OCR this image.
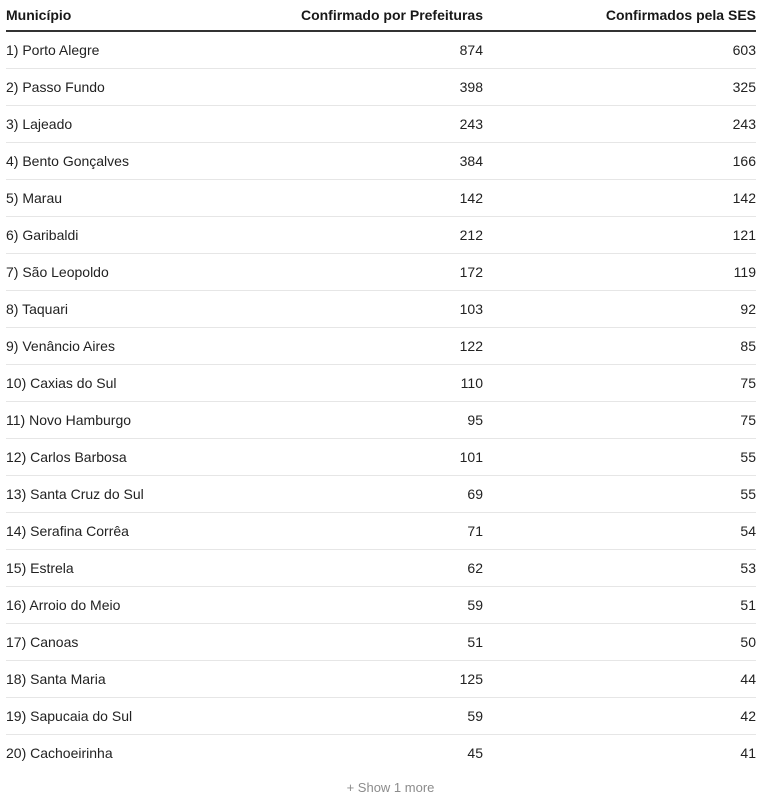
Município	Confirmado por Prefeituras	Confirmados pela SES
1) Porto Alegre	874	603
2) Passo Fundo	398	325
3) Lajeado	243	243
4) Bento Gonçalves	384	166
5) Marau	142	142
6) Garibaldi	212	121
7) São Leopoldo	172	119
8) Taquari	103	92
9) Venâncio Aires	122	85
10) Caxias do Sul	110	75
11) Novo Hamburgo	95	75
12) Carlos Barbosa	101	55
13) Santa Cruz do Sul	69	55
14) Serafina Corrêa	71	54
15) Estrela	62	53
16) Arroio do Meio	59	51
17) Canoas	51	50
18) Santa Maria	125	44
19) Sapucaia do Sul	59	42
20) Cachoeirinha	45	41
+ Show 1 more
